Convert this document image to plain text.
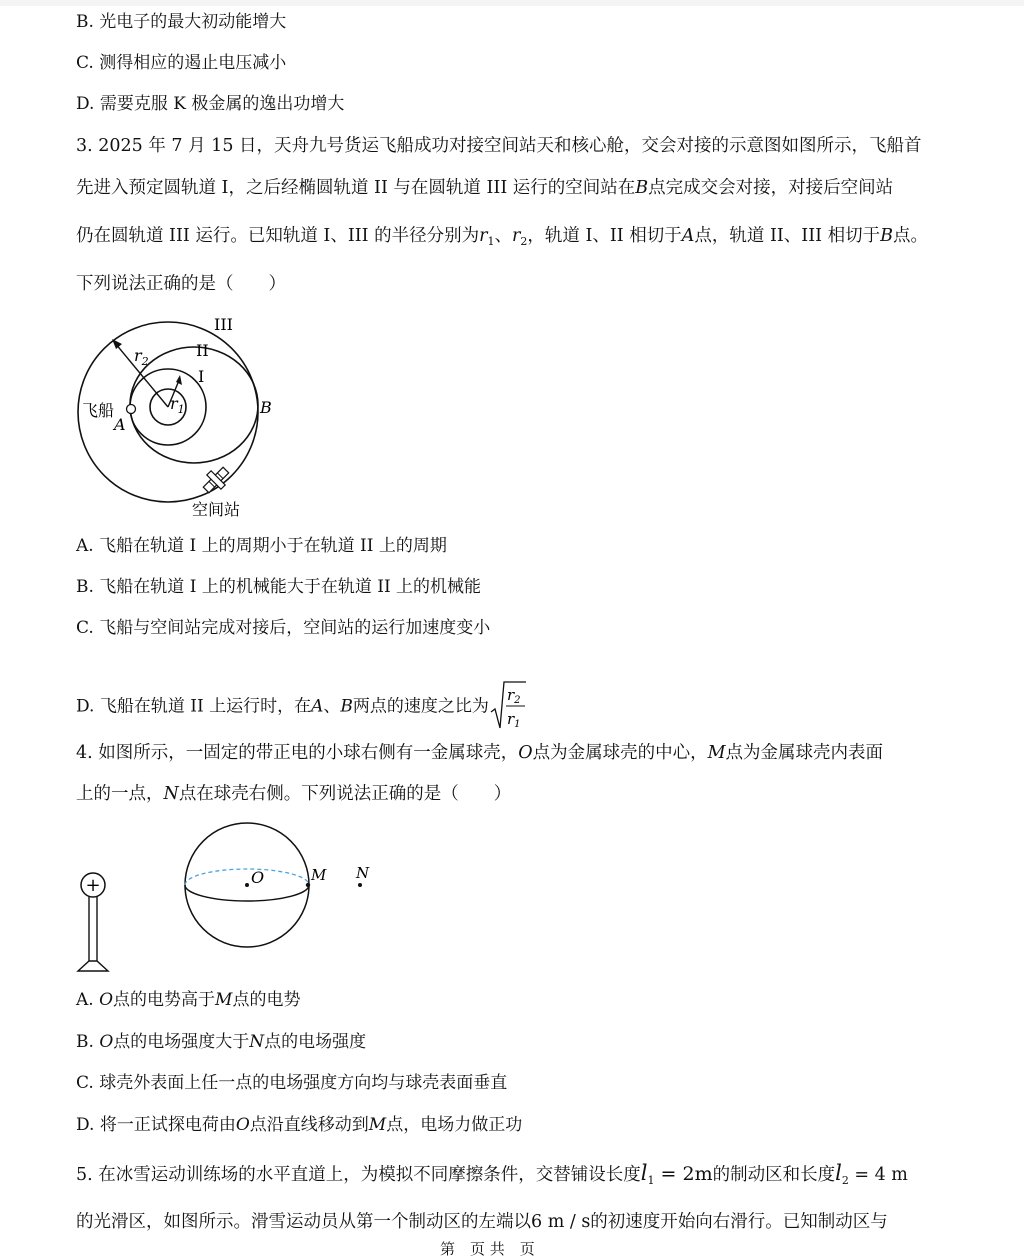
B. 光电子的最大初动能增大
C. 测得相应的遏止电压减小
D. 需要克服 K 极金属的逸出功增大
3. 2025 年 7 月 15 日，天舟九号货运飞船成功对接空间站天和核心舱，交会对接的示意图如图所示，飞船首
先进入预定圆轨道 I，之后经椭圆轨道 II 与在圆轨道 III 运行的空间站在B点完成交会对接，对接后空间站
仍在圆轨道 III 运行。已知轨道 I、III 的半径分别为$r_1$、$r_2$，轨道 I、II 相切于A点，轨道 II、III 相切于B点。
下列说法正确的是（　　）
III
II
I
$r_2$
$r_1$
飞船
A
B
空间站
A. 飞船在轨道 I 上的周期小于在轨道 II 上的周期
B. 飞船在轨道 I 上的机械能大于在轨道 II 上的机械能
C. 飞船与空间站完成对接后，空间站的运行加速度变小
D. 飞船在轨道 II 上运行时，在A、B两点的速度之比为
$r_2$
$r_1$
4. 如图所示，一固定的带正电的小球右侧有一金属球壳，O点为金属球壳的中心，M点为金属球壳内表面
上的一点，N点在球壳右侧。下列说法正确的是（　　）
+	O	M N
A. O点的电势高于M点的电势
B. O点的电场强度大于N点的电场强度
C. 球壳外表面上任一点的电场强度方向均与球壳表面垂直
D. 将一正试探电荷由O点沿直线移动到M点，电场力做正功
5. 在冰雪运动训练场的水平直道上，为模拟不同摩擦条件，交替铺设长度$l_1 = 2m$的制动区和长度$l_2 = 4$ m
的光滑区，如图所示。滑雪运动员从第一个制动区的左端以6 m / s的初速度开始向右滑行。已知制动区与
第　页 共　页
